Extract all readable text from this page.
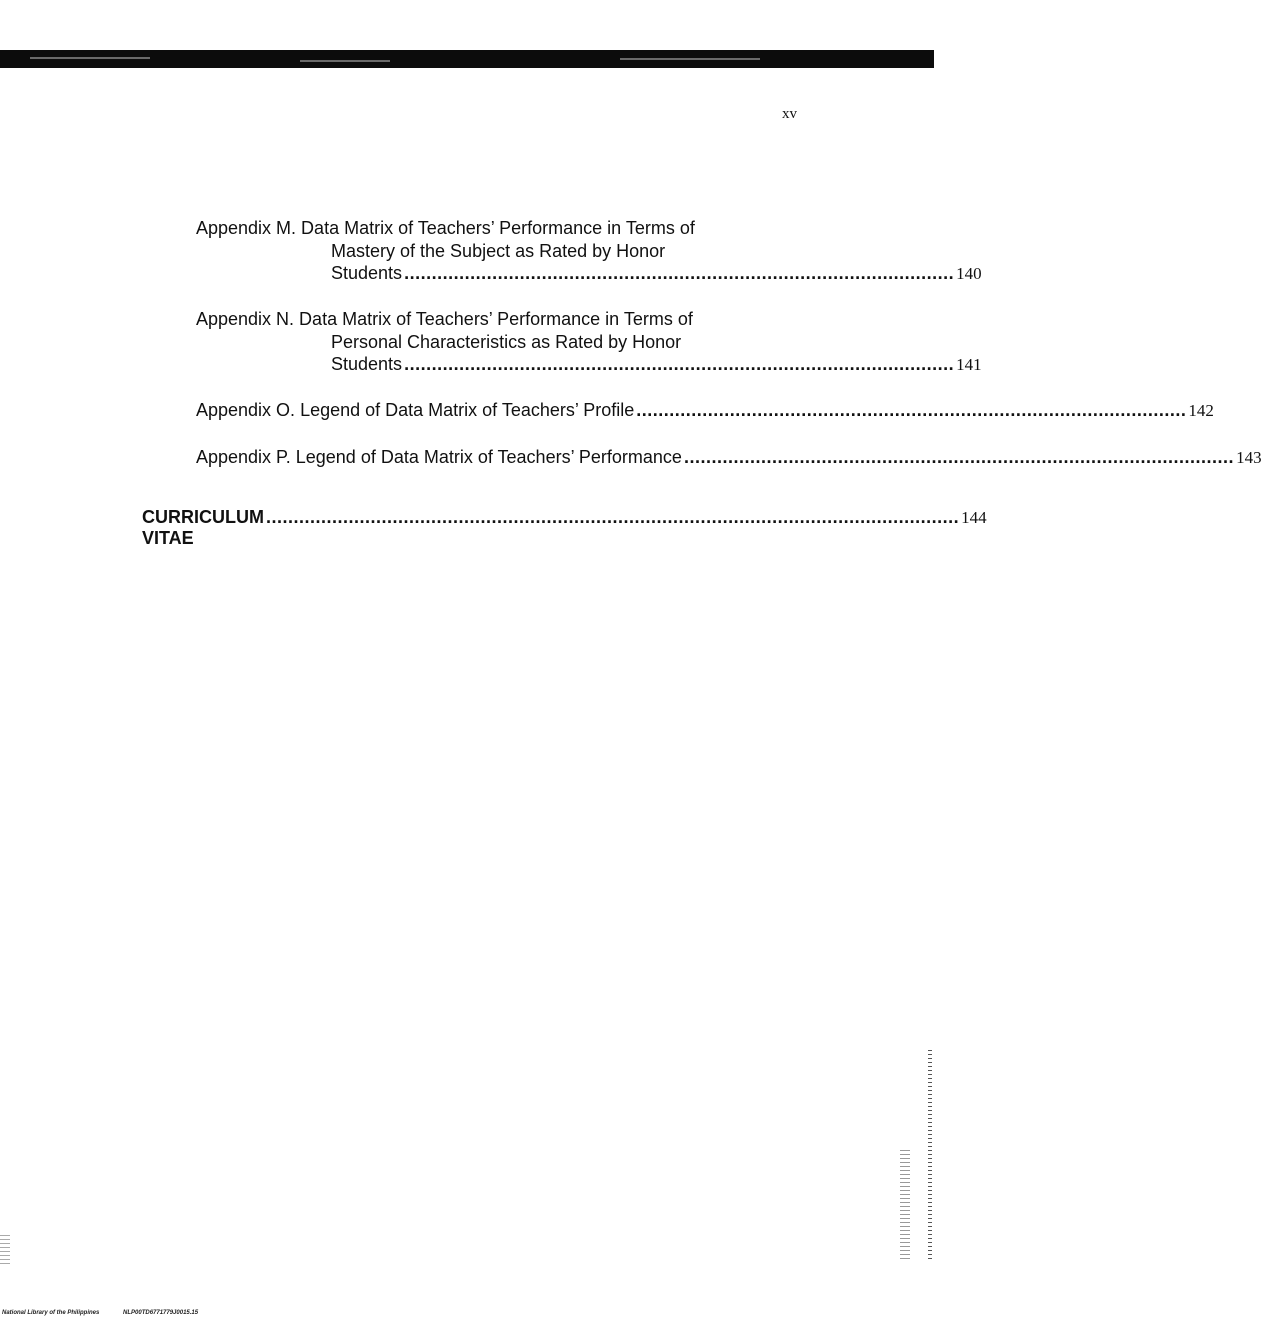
xv
Appendix M. Data Matrix of Teachers’ Performance in Terms of
Mastery of the Subject as Rated by Honor
Students .................................................................................................... 140
Appendix N. Data Matrix of Teachers’ Performance in Terms of
Personal Characteristics as Rated by Honor
Students .................................................................................................... 141
Appendix O. Legend of Data Matrix of Teachers’ Profile .................................................................................................... 142
Appendix P. Legend of Data Matrix of Teachers’ Performance .................................................................................................... 143
CURRICULUM VITAE
.............................................................................................................................. 144
National Library of the Philippines	NLP00TD6771779J0015.15
